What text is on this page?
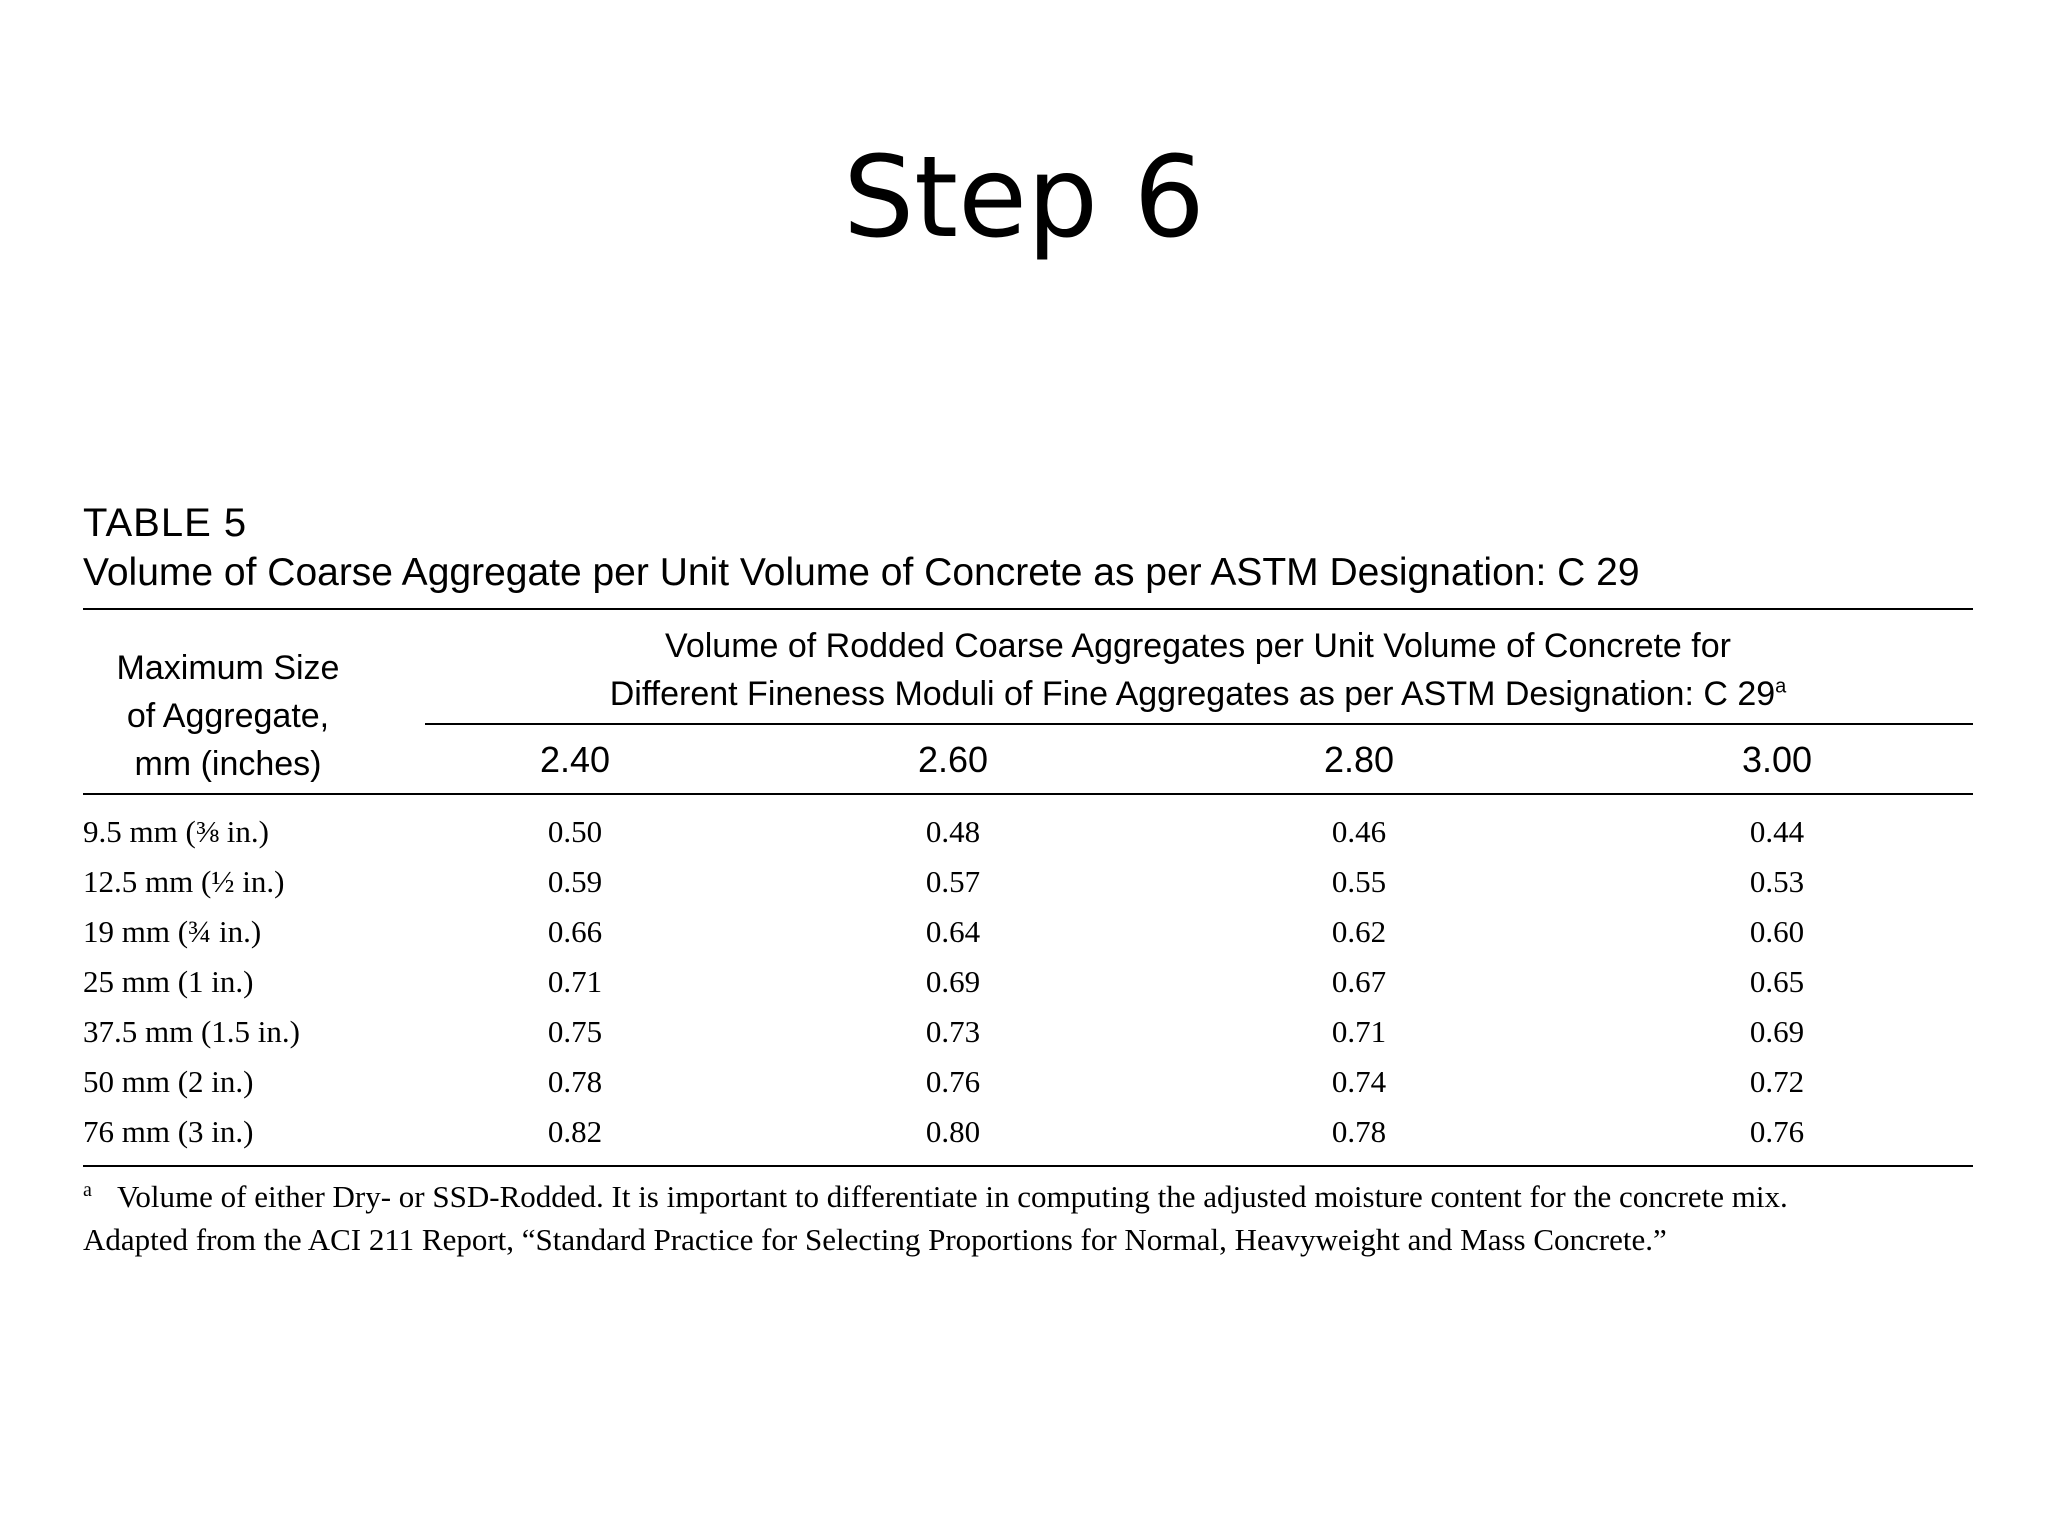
Step 6
TABLE 5
Volume of Coarse Aggregate per Unit Volume of Concrete as per ASTM Designation: C 29
Maximum Size
of Aggregate,
mm (inches)
Volume of Rodded Coarse Aggregates per Unit Volume of Concrete for
Different Fineness Moduli of Fine Aggregates as per ASTM Designation: C 29$^a$
2.40	2.60	2.80	3.00
9.5 mm (⅜ in.)	0.50	0.48	0.46	0.44
12.5 mm (½ in.)	0.59	0.57	0.55	0.53
19 mm (¾ in.)	0.66	0.64	0.62	0.60
25 mm (1 in.)	0.71	0.69	0.67	0.65
37.5 mm (1.5 in.)	0.75	0.73	0.71	0.69
50 mm (2 in.)	0.78	0.76	0.74	0.72
76 mm (3 in.)	0.82	0.80	0.78	0.76
a Volume of either Dry- or SSD-Rodded. It is important to differentiate in computing the adjusted moisture content for the concrete mix.
Adapted from the ACI 211 Report, “Standard Practice for Selecting Proportions for Normal, Heavyweight and Mass Concrete.”
